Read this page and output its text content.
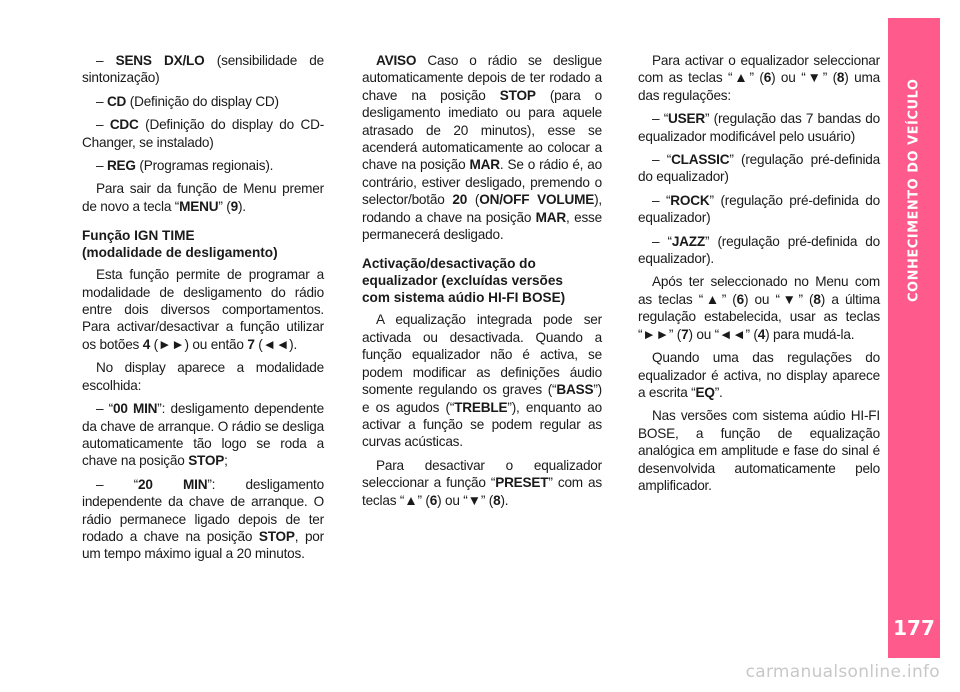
CONHECIMENTO DO VEÍCULO
177

– SENS DX/LO (sensibilidade de sintonização)

– CD (Definição do display CD)

– CDC (Definição do display do CD-Changer, se instalado)

– REG (Programas regionais).

Para sair da função de Menu premer de novo a tecla “MENU” (9).

Função IGN TIME
(modalidade de desligamento)

Esta função permite de programar a modalidade de desligamento do rádio entre dois diversos comportamentos. Para activar/desactivar a função utilizar os botões 4 (►►) ou então 7 (◄◄).

No display aparece a modalidade escolhida:

– “00 MIN”: desligamento dependente da chave de arranque. O rádio se desliga automaticamente tão logo se roda a chave na posição STOP;

– “20 MIN”: desligamento independente da chave de arranque. O rádio permanece ligado depois de ter rodado a chave na posição STOP, por um tempo máximo igual a 20 minutos.

AVISO Caso o rádio se desligue automaticamente depois de ter rodado a chave na posição STOP (para o desligamento imediato ou para aquele atrasado de 20 minutos), esse se acenderá automaticamente ao colocar a chave na posição MAR. Se o rádio é, ao contrário, estiver desligado, premendo o selector/botão 20 (ON/OFF VOLUME), rodando a chave na posição MAR, esse permanecerá desligado.

Activação/desactivação do
equalizador (excluídas versões
com sistema aúdio HI-FI BOSE)

A equalização integrada pode ser activada ou desactivada. Quando a função equalizador não é activa, se podem modificar as definições áudio somente regulando os graves (“BASS”) e os agudos (“TREBLE”), enquanto ao activar a função se podem regular as curvas acústicas.

Para desactivar o equalizador seleccionar a função “PRESET” com as teclas “▲” (6) ou “▼” (8).

Para activar o equalizador seleccionar com as teclas “▲” (6) ou “▼” (8) uma das regulações:

– “USER” (regulação das 7 bandas do equalizador modificável pelo usuário)

– “CLASSIC” (regulação pré-definida do equalizador)

– “ROCK” (regulação pré-definida do equalizador)

– “JAZZ” (regulação pré-definida do equalizador).

Após ter seleccionado no Menu com as teclas “▲” (6) ou “▼” (8) a última regulação estabelecida, usar as teclas “►►” (7) ou “◄◄” (4) para mudá-la.

Quando uma das regulações do equalizador é activa, no display aparece a escrita “EQ”.

Nas versões com sistema aúdio HI-FI BOSE, a função de equalização analógica em amplitude e fase do sinal é desenvolvida automaticamente pelo amplificador.

carmanualsonline.info
